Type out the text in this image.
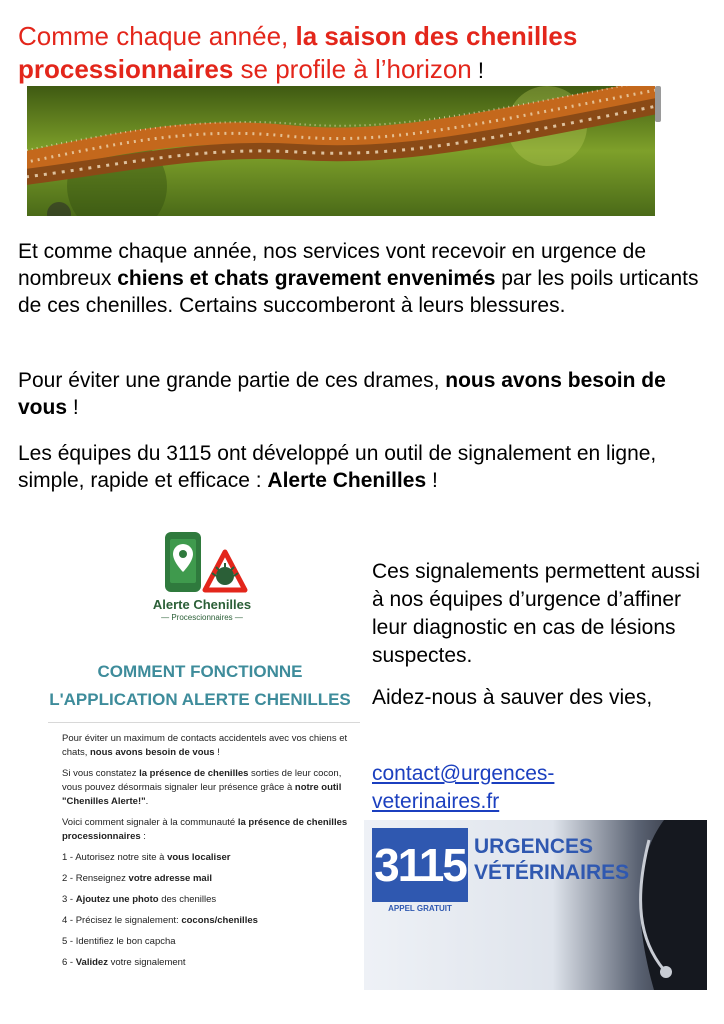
Comme chaque année, la saison des chenilles processionnaires se profile à l’horizon !
Et comme chaque année, nos services vont recevoir en urgence de nombreux chiens et chats gravement envenimés par les poils urticants de ces chenilles. Certains succomberont à leurs blessures.
Pour éviter une grande partie de ces drames, nous avons besoin de vous !
Les équipes du 3115 ont développé un outil de signalement en ligne, simple, rapide et efficace : Alerte Chenilles !
Alerte Chenilles
— Procescionnaires —
COMMENT FONCTIONNE
L'APPLICATION ALERTE CHENILLES

Pour éviter un maximum de contacts accidentels avec vos chiens et chats, nous avons besoin de vous !

Si vous constatez la présence de chenilles sorties de leur cocon, vous pouvez désormais signaler leur présence grâce à notre outil "Chenilles Alerte!".

Voici comment signaler à la communauté la présence de chenilles processionnaires :

1 - Autorisez notre site à vous localiser
2 - Renseignez votre adresse mail
3 - Ajoutez une photo des chenilles
4 - Précisez le signalement: cocons/chenilles
5 - Identifiez le bon capcha
6 - Validez votre signalement

Ces signalements permettent aussi à nos équipes d’urgence d’affiner leur diagnostic en cas de lésions suspectes.

Aidez-nous à sauver des vies,

contact@urgences-veterinaires.fr
3115
APPEL GRATUIT
URGENCES
VÉTÉRINAIRES
